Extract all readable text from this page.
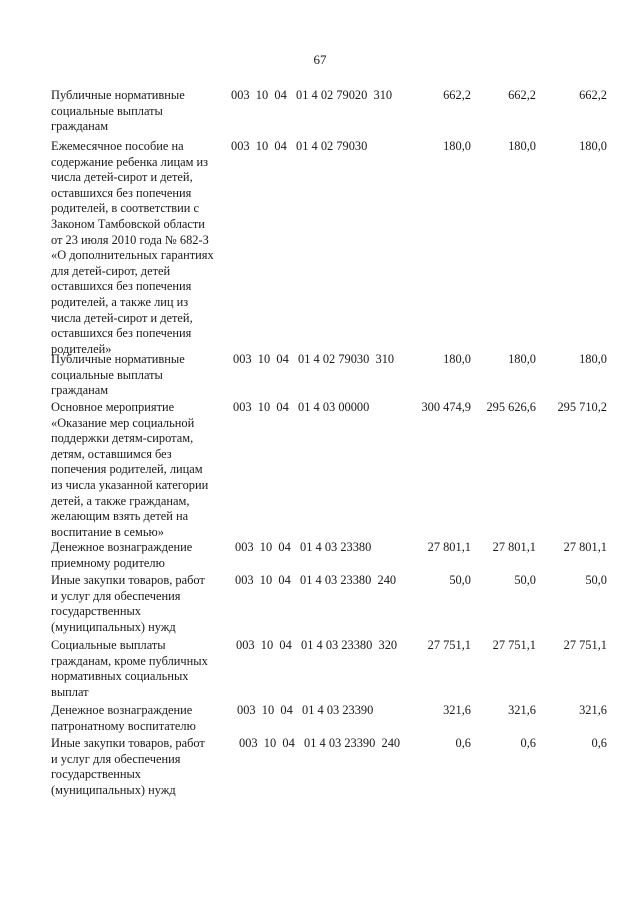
67
Публичные нормативные
социальные выплаты
гражданам
003  10  04   01 4 02 79020  310	662,2	662,2	662,2
Ежемесячное пособие на
содержание ребенка лицам из
числа детей-сирот и детей,
оставшихся без попечения
родителей, в соответствии с
Законом Тамбовской области
от 23 июля 2010 года № 682-З
«О дополнительных гарантиях
для детей-сирот, детей
оставшихся без попечения
родителей, а также лиц из
числа детей-сирот и детей,
оставшихся без попечения
родителей»
003  10  04   01 4 02 79030	180,0	180,0	180,0
Публичные нормативные
социальные выплаты
гражданам
003  10  04   01 4 02 79030  310	180,0	180,0	180,0
Основное мероприятие
«Оказание мер социальной
поддержки детям-сиротам,
детям, оставшимся без
попечения родителей, лицам
из числа указанной категории
детей, а также гражданам,
желающим взять детей на
воспитание в семью»
003  10  04   01 4 03 00000	300 474,9	295 626,6	295 710,2
Денежное вознаграждение
приемному родителю
003  10  04   01 4 03 23380	27 801,1	27 801,1	27 801,1
Иные закупки товаров, работ
и услуг для обеспечения
государственных
(муниципальных) нужд
003  10  04   01 4 03 23380  240	50,0	50,0	50,0
Социальные выплаты
гражданам, кроме публичных
нормативных социальных
выплат
003  10  04   01 4 03 23380  320	27 751,1	27 751,1	27 751,1
Денежное вознаграждение
патронатному воспитателю
003  10  04   01 4 03 23390	321,6	321,6	321,6
Иные закупки товаров, работ
и услуг для обеспечения
государственных
(муниципальных) нужд
003  10  04   01 4 03 23390  240	0,6	0,6	0,6
